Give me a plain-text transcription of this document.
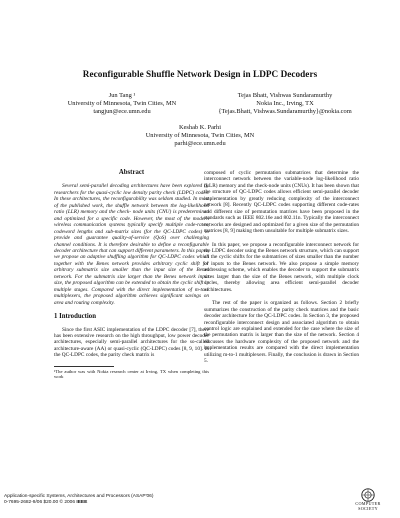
Reconfigurable Shuffle Network Design in LDPC Decoders
Jun Tang ¹
University of Minnesota, Twin Cities, MN
tangjun@ece.umn.edu
Tejas Bhatt, Vishwas Sundaramurthy
Nokia Inc., Irving, TX
{Tejas.Bhatt, Vishwas.Sundaramurthy}@nokia.com
Keshab K. Parhi
University of Minnesota, Twin Cities, MN
parhi@ece.umn.edu
Abstract
Several semi-parallel decoding architectures have been explored by researchers for the quasi-cyclic low density parity check (LDPC) codes. In these architectures, the reconfigurability was seldom studied. In most of the published work, the shuffle network between the log-likelihood ratio (LLR) memory and the check- node units (CNU) is predetermined and optimized for a specific code. However, the most of the modern wireless communication systems typically specify multiple code-rates, codeword lengths and sub-matrix sizes (for the QC-LDPC codes) to provide and guarantee quality-of-service (QoS) over challenging channel conditions. It is therefore desirable to define a reconfigurable decoder architecture that can support different parameters. In this paper, we propose an adaptive shuffling algorithm for QC-LDPC codes which together with the Benes network provides arbitrary cyclic shift for arbitrary submatrix size smaller than the input size of the Benes network. For the submatrix size larger than the Benes network input size, the proposed algorithm can be extended to obtain the cyclic shift in multiple stages. Compared with the direct implementation of m-to-1 multiplexers, the proposed algorithm achieves significant savings on area and routing complexity.
1 Introduction
Since the first ASIC implementation of the LDPC decoder [7], there has been extensive research on the high throughput, low power decoder architectures, especially semi-parallel architectures for the so-called architecture-aware (AA) or quasi-cyclic (QC-LDPC) codes [8, 9, 10]. In the QC-LDPC codes, the parity check matrix is
¹The author was with Nokia research center at Irving, TX when completing this work
composed of cyclic permutation submatrices that determine the interconnect network between the variable-node log-likelihood ratio (LLR) memory and the check-node units (CNUs). It has been shown that the structure of QC-LDPC codes allows efficient semi-parallel decoder implementation by greatly reducing complexity of the interconnect network [8]. Recently QC-LDPC codes supporting different code-rates and different size of permutation matrices have been proposed in the standards such as IEEE 802.16e and 802.11n. Typically the interconnect networks are designed and optimized for a given size of the permutation matrices [8, 9] making them unsuitable for multiple submatrix sizes.
In this paper, we propose a reconfigurable interconnect network for the LDPC decoder using the Benes network structure, which can support all the cyclic shifts for the submatrices of sizes smaller than the number of inputs to the Benes network. We also propose a simple memory addressing scheme, which enables the decoder to support the submatrix sizes larger than the size of the Benes network, with multiple clock cycles, thereby allowing area efficient semi-parallel decoder architectures.
The rest of the paper is organized as follows. Section 2 briefly summarizes the construction of the parity check matrices and the basic decoder architecture for the QC-LDPC codes. In Section 3, the proposed reconfigurable interconnect design and associated algorithm to obtain control logic are explained and extended for the case where the size of the permutation matrix is larger than the size of the network. Section 4 discusses the hardware complexity of the proposed network and the implementation results are compared with the direct implementation utilizing m-to-1 multiplexers. Finally, the conclusion is drawn in Section 5.
Application-specific Systems, Architectures and Processors (ASAP'06)
0-7695-2682-9/06 $20.00 © 2006 IEEE	COMPUTER
SOCIETY
